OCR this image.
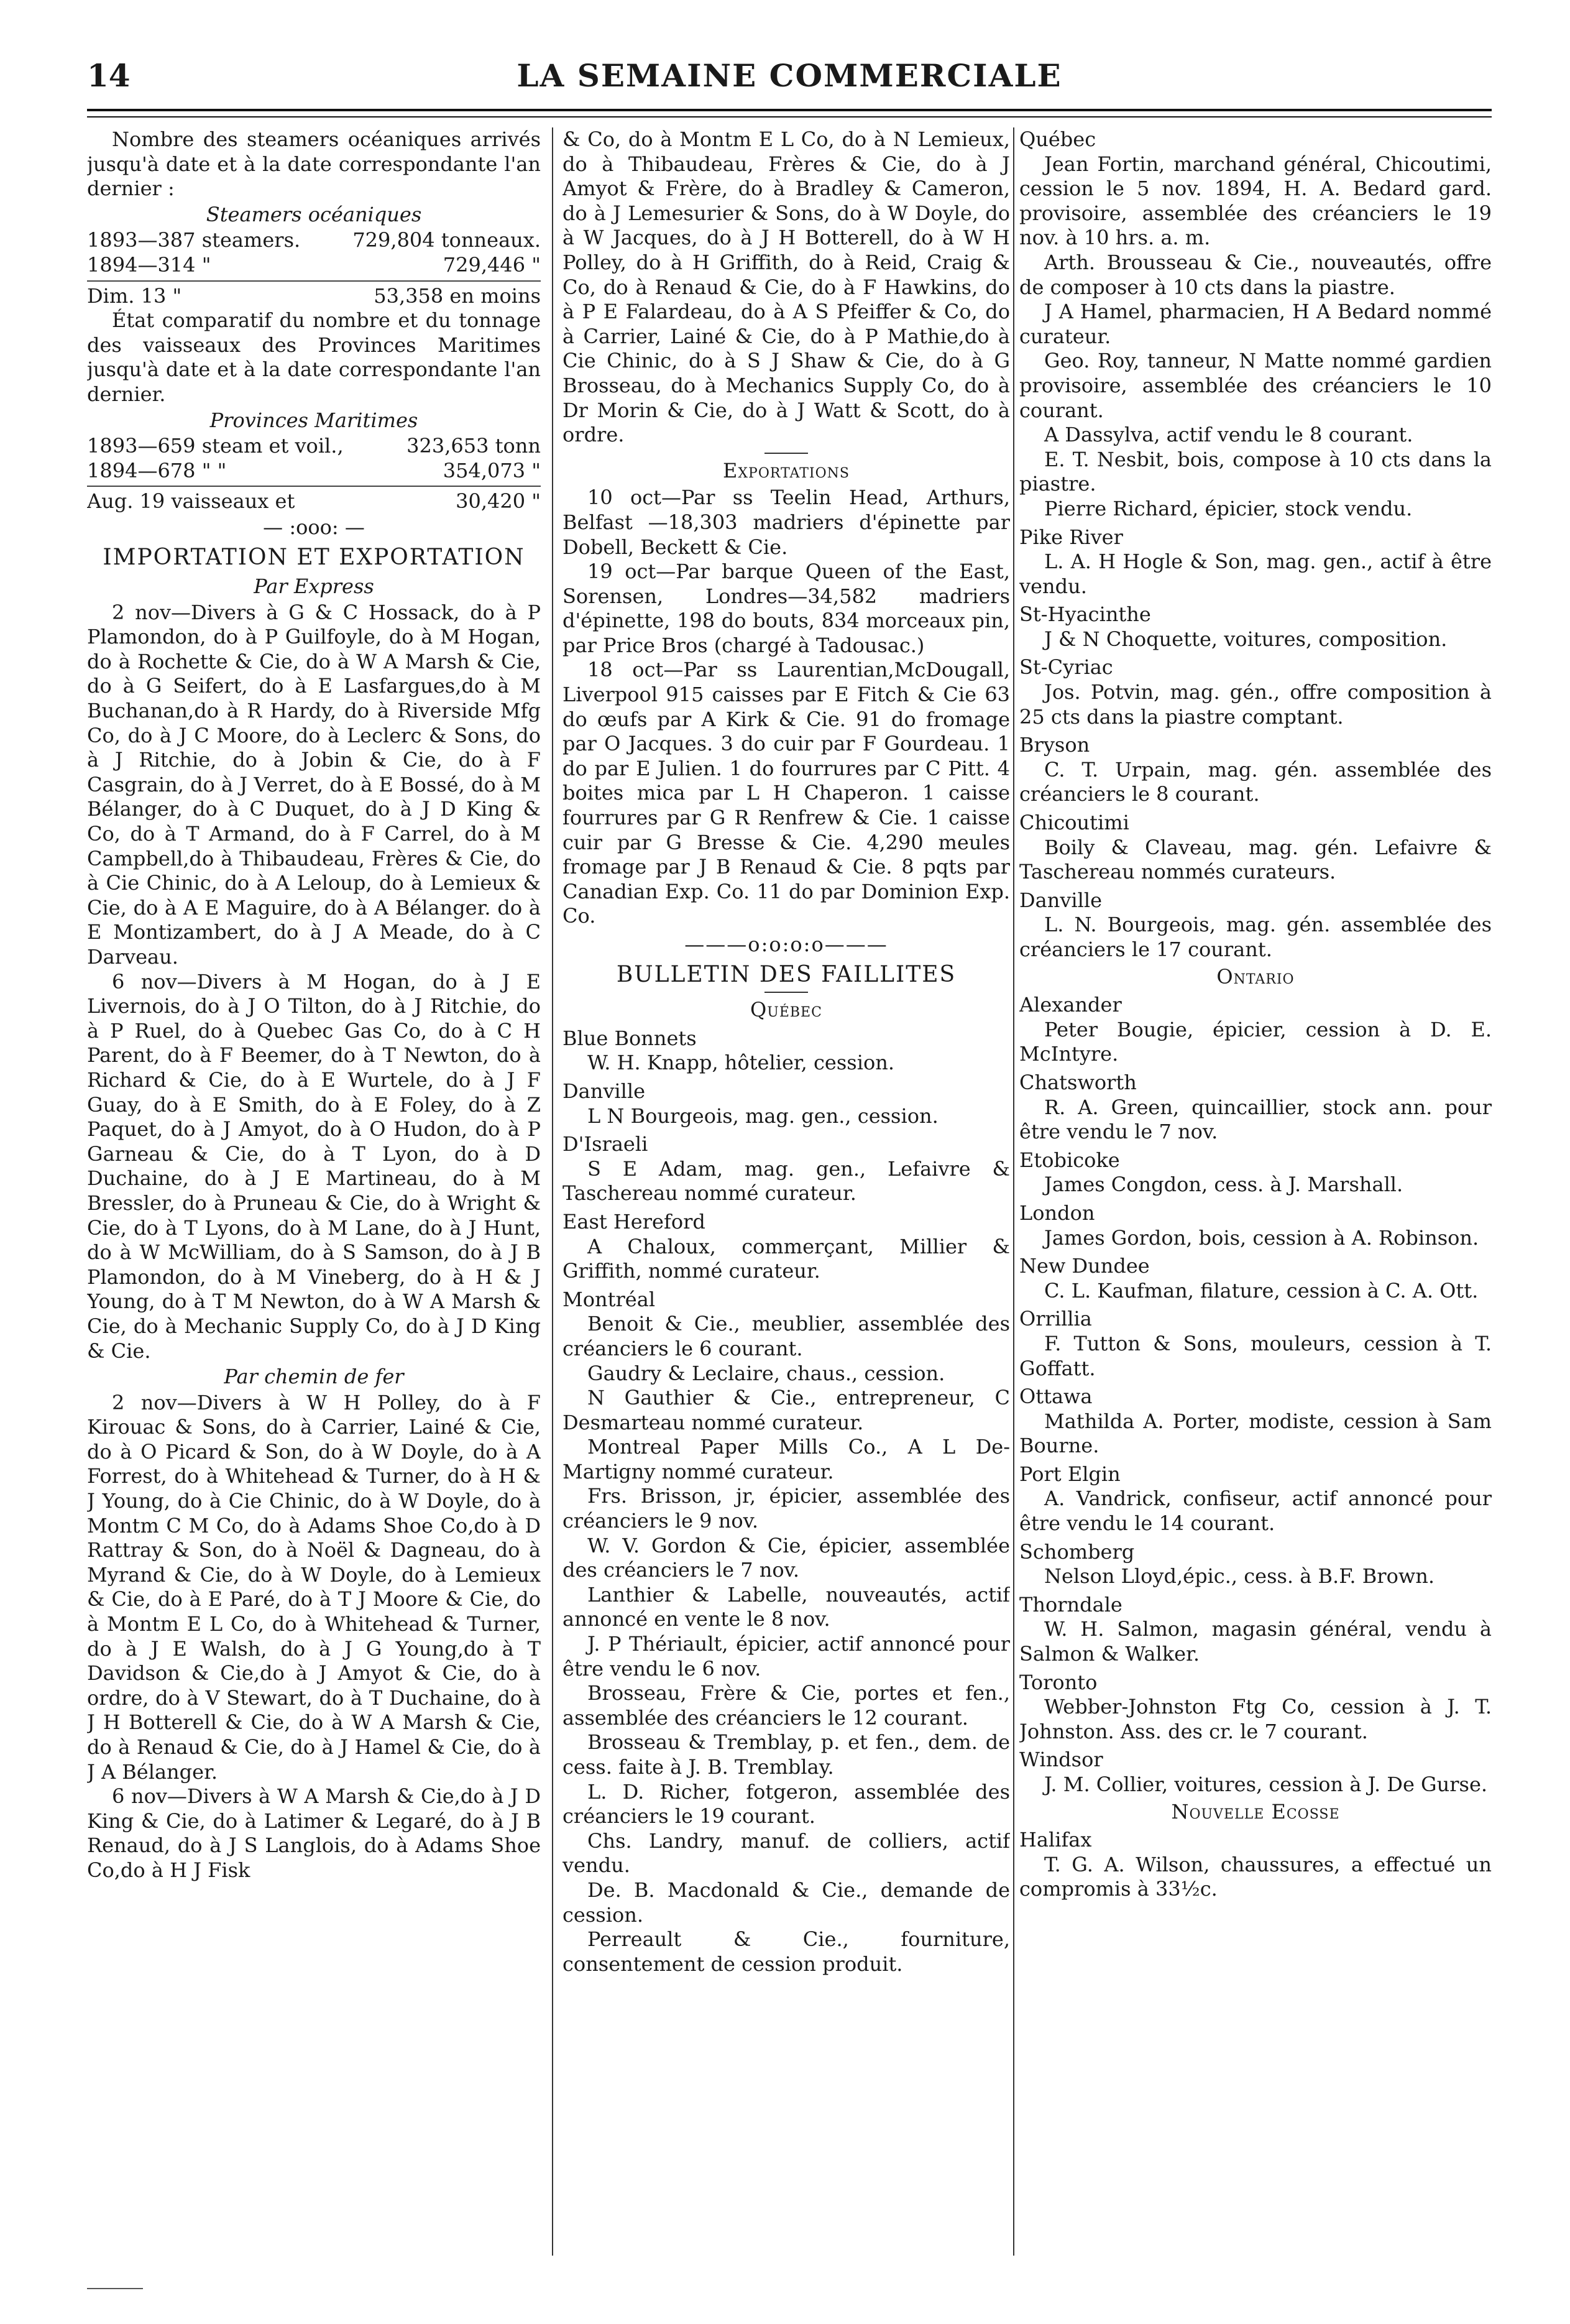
14	LA SEMAINE COMMERCIALE

Nombre des steamers océaniques arrivés jusqu'à date et à la date correspondante l'an dernier :

Steamers océaniques

1893—387 steamers.	729,804 tonneaux.
1894—314 "	729,446 "
Dim. 13 "	53,358 en moins

État comparatif du nombre et du tonnage des vaisseaux des Provinces Maritimes jusqu'à date et à la date correspondante l'an dernier.

Provinces Maritimes

1893—659 steam et voil.,	323,653 tonn
1894—678 " "	354,073 "
Aug. 19 vaisseaux et	30,420 "

— :ooo: —

IMPORTATION ET EXPORTATION

Par Express

2 nov—Divers à G & C Hossack, do à P Plamondon, do à P Guilfoyle, do à M Hogan, do à Rochette & Cie, do à W A Marsh & Cie, do à G Seifert, do à E Lasfargues,do à M Buchanan,do à R Hardy, do à Riverside Mfg Co, do à J C Moore, do à Leclerc & Sons, do à J Ritchie, do à Jobin & Cie, do à F Casgrain, do à J Verret, do à E Bossé, do à M Bélanger, do à C Duquet, do à J D King & Co, do à T Armand, do à F Carrel, do à M Campbell,do à Thibaudeau, Frères & Cie, do à Cie Chinic, do à A Leloup, do à Lemieux & Cie, do à A E Maguire, do à A Bélanger. do à E Montizambert, do à J A Meade, do à C Darveau.

6 nov—Divers à M Hogan, do à J E Livernois, do à J O Tilton, do à J Ritchie, do à P Ruel, do à Quebec Gas Co, do à C H Parent, do à F Beemer, do à T Newton, do à Richard & Cie, do à E Wurtele, do à J F Guay, do à E Smith, do à E Foley, do à Z Paquet, do à J Amyot, do à O Hudon, do à P Garneau & Cie, do à T Lyon, do à D Duchaine, do à J E Martineau, do à M Bressler, do à Pruneau & Cie, do à Wright & Cie, do à T Lyons, do à M Lane, do à J Hunt, do à W McWilliam, do à S Samson, do à J B Plamondon, do à M Vineberg, do à H & J Young, do à T M Newton, do à W A Marsh & Cie, do à Mechanic Supply Co, do à J D King & Cie.

Par chemin de fer

2 nov—Divers à W H Polley, do à F Kirouac & Sons, do à Carrier, Lainé & Cie, do à O Picard & Son, do à W Doyle, do à A Forrest, do à Whitehead & Turner, do à H & J Young, do à Cie Chinic, do à W Doyle, do à Montm C M Co, do à Adams Shoe Co,do à D Rattray & Son, do à Noël & Dagneau, do à Myrand & Cie, do à W Doyle, do à Lemieux & Cie, do à E Paré, do à T J Moore & Cie, do à Montm E L Co, do à Whitehead & Turner, do à J E Walsh, do à J G Young,do à T Davidson & Cie,do à J Amyot & Cie, do à ordre, do à V Stewart, do à T Duchaine, do à J H Botterell & Cie, do à W A Marsh & Cie, do à Renaud & Cie, do à J Hamel & Cie, do à J A Bélanger.

6 nov—Divers à W A Marsh & Cie,do à J D King & Cie, do à Latimer & Legaré, do à J B Renaud, do à J S Langlois, do à Adams Shoe Co,do à H J Fisk

& Co, do à Montm E L Co, do à N Lemieux, do à Thibaudeau, Frères & Cie, do à J Amyot & Frère, do à Bradley & Cameron, do à J Lemesurier & Sons, do à W Doyle, do à W Jacques, do à J H Botterell, do à W H Polley, do à H Griffith, do à Reid, Craig & Co, do à Renaud & Cie, do à F Hawkins, do à P E Falardeau, do à A S Pfeiffer & Co, do à Carrier, Lainé & Cie, do à P Mathie,do à Cie Chinic, do à S J Shaw & Cie, do à G Brosseau, do à Mechanics Supply Co, do à Dr Morin & Cie, do à J Watt & Scott, do à ordre.

Exportations

10 oct—Par ss Teelin Head, Arthurs, Belfast —18,303 madriers d'épinette par Dobell, Beckett & Cie.

19 oct—Par barque Queen of the East, Sorensen, Londres—34,582 madriers d'épinette, 198 do bouts, 834 morceaux pin, par Price Bros (chargé à Tadousac.)

18 oct—Par ss Laurentian,McDougall, Liverpool 915 caisses par E Fitch & Cie 63 do œufs par A Kirk & Cie. 91 do fromage par O Jacques. 3 do cuir par F Gourdeau. 1 do par E Julien. 1 do fourrures par C Pitt. 4 boites mica par L H Chaperon. 1 caisse fourrures par G R Renfrew & Cie. 1 caisse cuir par G Bresse & Cie. 4,290 meules fromage par J B Renaud & Cie. 8 pqts par Canadian Exp. Co. 11 do par Dominion Exp. Co.

———o:o:o:o———

BULLETIN DES FAILLITES

Québec

Blue Bonnets

W. H. Knapp, hôtelier, cession.

Danville

L N Bourgeois, mag. gen., cession.

D'Israeli

S E Adam, mag. gen., Lefaivre & Taschereau nommé curateur.

East Hereford

A Chaloux, commerçant, Millier & Griffith, nommé curateur.

Montréal

Benoit & Cie., meublier, assemblée des créanciers le 6 courant.

Gaudry & Leclaire, chaus., cession.

N Gauthier & Cie., entrepreneur, C Desmarteau nommé curateur.

Montreal Paper Mills Co., A L De-Martigny nommé curateur.

Frs. Brisson, jr, épicier, assemblée des créanciers le 9 nov.

W. V. Gordon & Cie, épicier, assemblée des créanciers le 7 nov.

Lanthier & Labelle, nouveautés, actif annoncé en vente le 8 nov.

J. P Thériault, épicier, actif annoncé pour être vendu le 6 nov.

Brosseau, Frère & Cie, portes et fen., assemblée des créanciers le 12 courant.

Brosseau & Tremblay, p. et fen., dem. de cess. faite à J. B. Tremblay.

L. D. Richer, fotgeron, assemblée des créanciers le 19 courant.

Chs. Landry, manuf. de colliers, actif vendu.

De. B. Macdonald & Cie., demande de cession.

Perreault & Cie., fourniture, consentement de cession produit.

Québec

Jean Fortin, marchand général, Chicoutimi, cession le 5 nov. 1894, H. A. Bedard gard. provisoire, assemblée des créanciers le 19 nov. à 10 hrs. a. m.

Arth. Brousseau & Cie., nouveautés, offre de composer à 10 cts dans la piastre.

J A Hamel, pharmacien, H A Bedard nommé curateur.

Geo. Roy, tanneur, N Matte nommé gardien provisoire, assemblée des créanciers le 10 courant.

A Dassylva, actif vendu le 8 courant.

E. T. Nesbit, bois, compose à 10 cts dans la piastre.

Pierre Richard, épicier, stock vendu.

Pike River

L. A. H Hogle & Son, mag. gen., actif à être vendu.

St-Hyacinthe

J & N Choquette, voitures, composition.

St-Cyriac

Jos. Potvin, mag. gén., offre composition à 25 cts dans la piastre comptant.

Bryson

C. T. Urpain, mag. gén. assemblée des créanciers le 8 courant.

Chicoutimi

Boily & Claveau, mag. gén. Lefaivre & Taschereau nommés curateurs.

Danville

L. N. Bourgeois, mag. gén. assemblée des créanciers le 17 courant.

Ontario

Alexander

Peter Bougie, épicier, cession à D. E. McIntyre.

Chatsworth

R. A. Green, quincaillier, stock ann. pour être vendu le 7 nov.

Etobicoke

James Congdon, cess. à J. Marshall.

London

James Gordon, bois, cession à A. Robinson.

New Dundee

C. L. Kaufman, filature, cession à C. A. Ott.

Orrillia

F. Tutton & Sons, mouleurs, cession à T. Goffatt.

Ottawa

Mathilda A. Porter, modiste, cession à Sam Bourne.

Port Elgin

A. Vandrick, confiseur, actif annoncé pour être vendu le 14 courant.

Schomberg

Nelson Lloyd,épic., cess. à B.F. Brown.

Thorndale

W. H. Salmon, magasin général, vendu à Salmon & Walker.

Toronto

Webber-Johnston Ftg Co, cession à J. T. Johnston. Ass. des cr. le 7 courant.

Windsor

J. M. Collier, voitures, cession à J. De Gurse.

Nouvelle Ecosse

Halifax

T. G. A. Wilson, chaussures, a effectué un compromis à 33½c.
